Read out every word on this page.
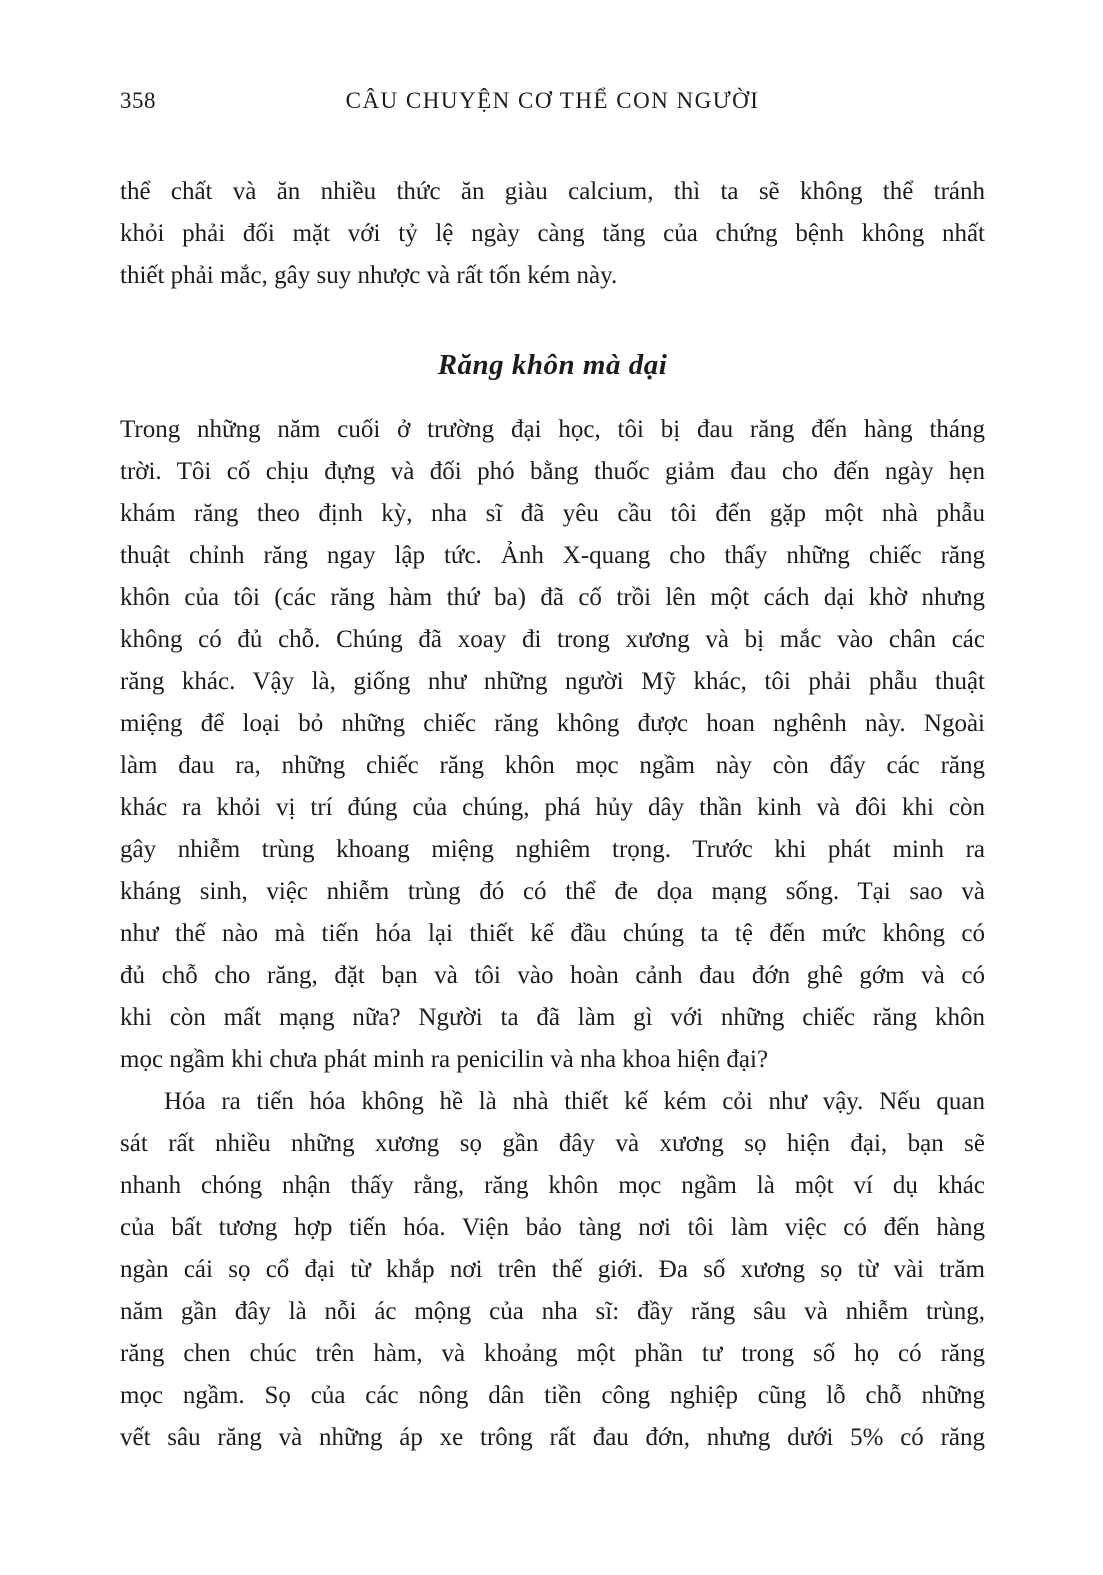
358	CÂU CHUYỆN CƠ THỂ CON NGƯỜI
thể chất và ăn nhiều thức ăn giàu calcium, thì ta sẽ không thể tránh
khỏi phải đối mặt với tỷ lệ ngày càng tăng của chứng bệnh không nhất
thiết phải mắc, gây suy nhược và rất tốn kém này.
Răng khôn mà dại
Trong những năm cuối ở trường đại học, tôi bị đau răng đến hàng tháng
trời. Tôi cố chịu đựng và đối phó bằng thuốc giảm đau cho đến ngày hẹn
khám răng theo định kỳ, nha sĩ đã yêu cầu tôi đến gặp một nhà phẫu
thuật chỉnh răng ngay lập tức. Ảnh X-quang cho thấy những chiếc răng
khôn của tôi (các răng hàm thứ ba) đã cố trồi lên một cách dại khờ nhưng
không có đủ chỗ. Chúng đã xoay đi trong xương và bị mắc vào chân các
răng khác. Vậy là, giống như những người Mỹ khác, tôi phải phẫu thuật
miệng để loại bỏ những chiếc răng không được hoan nghênh này. Ngoài
làm đau ra, những chiếc răng khôn mọc ngầm này còn đẩy các răng
khác ra khỏi vị trí đúng của chúng, phá hủy dây thần kinh và đôi khi còn
gây nhiễm trùng khoang miệng nghiêm trọng. Trước khi phát minh ra
kháng sinh, việc nhiễm trùng đó có thể đe dọa mạng sống. Tại sao và
như thế nào mà tiến hóa lại thiết kế đầu chúng ta tệ đến mức không có
đủ chỗ cho răng, đặt bạn và tôi vào hoàn cảnh đau đớn ghê gớm và có
khi còn mất mạng nữa? Người ta đã làm gì với những chiếc răng khôn
mọc ngầm khi chưa phát minh ra penicilin và nha khoa hiện đại?
Hóa ra tiến hóa không hề là nhà thiết kế kém cỏi như vậy. Nếu quan
sát rất nhiều những xương sọ gần đây và xương sọ hiện đại, bạn sẽ
nhanh chóng nhận thấy rằng, răng khôn mọc ngầm là một ví dụ khác
của bất tương hợp tiến hóa. Viện bảo tàng nơi tôi làm việc có đến hàng
ngàn cái sọ cổ đại từ khắp nơi trên thế giới. Đa số xương sọ từ vài trăm
năm gần đây là nỗi ác mộng của nha sĩ: đầy răng sâu và nhiễm trùng,
răng chen chúc trên hàm, và khoảng một phần tư trong số họ có răng
mọc ngầm. Sọ của các nông dân tiền công nghiệp cũng lỗ chỗ những
vết sâu răng và những áp xe trông rất đau đớn, nhưng dưới 5% có răng
